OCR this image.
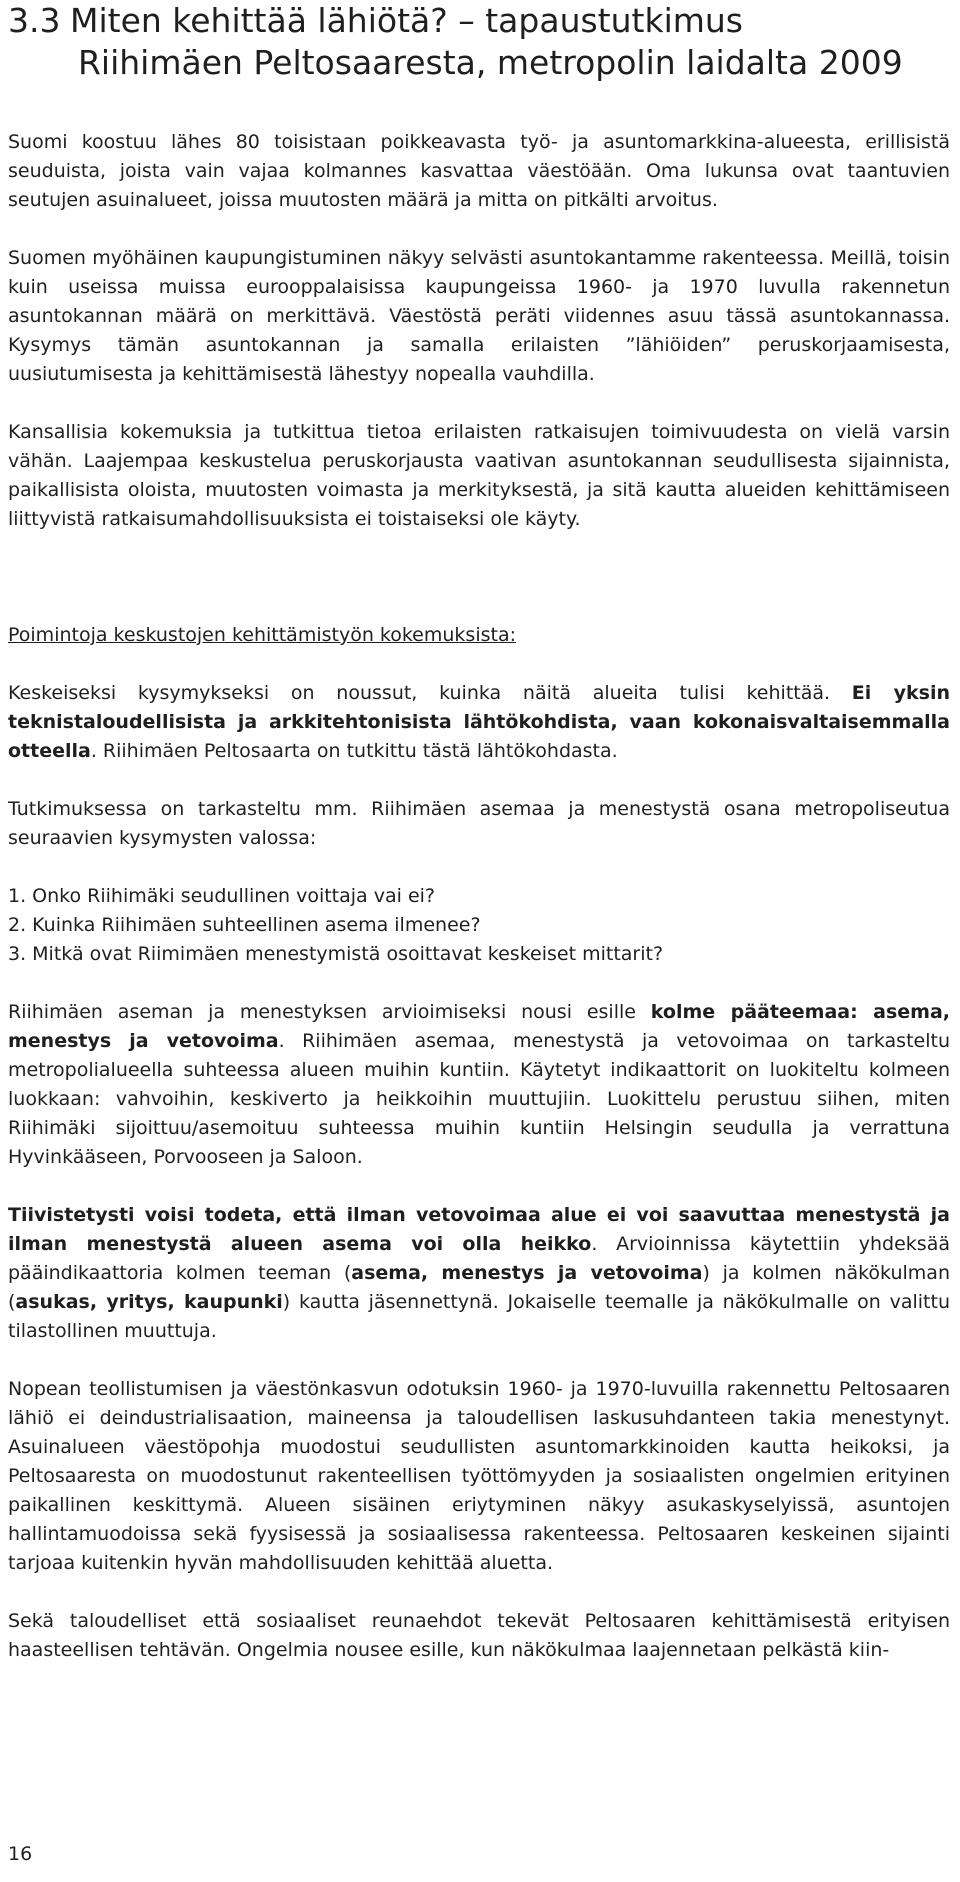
3.3 Miten kehittää lähiötä? – tapaustutkimus
Riihimäen Peltosaaresta, metropolin laidalta 2009

Suomi koostuu lähes 80 toisistaan poikkeavasta työ- ja asuntomarkkina-alueesta, erillisistä seuduista, joista vain vajaa kolmannes kasvattaa väestöään. Oma lukunsa ovat taantuvien seutujen asuinalueet, joissa muutosten määrä ja mitta on pitkälti arvoitus.

Suomen myöhäinen kaupungistuminen näkyy selvästi asuntokantamme rakenteessa. Meillä, toisin kuin useissa muissa eurooppalaisissa kaupungeissa 1960- ja 1970 luvulla rakennetun asuntokannan määrä on merkittävä. Väestöstä peräti viidennes asuu tässä asuntokannassa. Kysymys tämän asuntokannan ja samalla erilaisten ”lähiöiden” peruskorjaamisesta, uusiutumisesta ja kehittämisestä lähestyy nopealla vauhdilla.

Kansallisia kokemuksia ja tutkittua tietoa erilaisten ratkaisujen toimivuudesta on vielä varsin vähän. Laajempaa keskustelua peruskorjausta vaativan asuntokannan seudullisesta sijainnista, paikallisista oloista, muutosten voimasta ja merkityksestä, ja sitä kautta alueiden kehittämiseen liittyvistä ratkaisumahdollisuuksista ei toistaiseksi ole käyty.

Poimintoja keskustojen kehittämistyön kokemuksista:

Keskeiseksi kysymykseksi on noussut, kuinka näitä alueita tulisi kehittää. Ei yksin teknistaloudellisista ja arkkitehtonisista lähtökohdista, vaan kokonaisvaltaisemmalla otteella. Riihimäen Peltosaarta on tutkittu tästä lähtökohdasta.

Tutkimuksessa on tarkasteltu mm. Riihimäen asemaa ja menestystä osana metropoliseutua seuraavien kysymysten valossa:

1. Onko Riihimäki seudullinen voittaja vai ei?
2. Kuinka Riihimäen suhteellinen asema ilmenee?
3. Mitkä ovat Riimimäen menestymistä osoittavat keskeiset mittarit?

Riihimäen aseman ja menestyksen arvioimiseksi nousi esille kolme pääteemaa: asema, menestys ja vetovoima. Riihimäen asemaa, menestystä ja vetovoimaa on tarkasteltu metropolialueella suhteessa alueen muihin kuntiin. Käytetyt indikaattorit on luokiteltu kolmeen luokkaan: vahvoihin, keskiverto ja heikkoihin muuttujiin. Luokittelu perustuu siihen, miten Riihimäki sijoittuu/asemoituu suhteessa muihin kuntiin Helsingin seudulla ja verrattuna Hyvinkääseen, Porvooseen ja Saloon.

Tiivistetysti voisi todeta, että ilman vetovoimaa alue ei voi saavuttaa menestystä ja ilman menestystä alueen asema voi olla heikko. Arvioinnissa käytettiin yhdeksää pääindikaattoria kolmen teeman (asema, menestys ja vetovoima) ja kolmen näkökulman (asukas, yritys, kaupunki) kautta jäsennettynä. Jokaiselle teemalle ja näkökulmalle on valittu tilastollinen muuttuja.

Nopean teollistumisen ja väestönkasvun odotuksin 1960- ja 1970-luvuilla rakennettu Peltosaaren lähiö ei deindustrialisaation, maineensa ja taloudellisen laskusuhdanteen takia menestynyt. Asuinalueen väestöpohja muodostui seudullisten asuntomarkkinoiden kautta heikoksi, ja Peltosaaresta on muodostunut rakenteellisen työttömyyden ja sosiaalisten ongelmien erityinen paikallinen keskittymä. Alueen sisäinen eriytyminen näkyy asukaskyselyissä, asuntojen hallintamuodoissa sekä fyysisessä ja sosiaalisessa rakenteessa. Peltosaaren keskeinen sijainti tarjoaa kuitenkin hyvän mahdollisuuden kehittää aluetta.

Sekä taloudelliset että sosiaaliset reunaehdot tekevät Peltosaaren kehittämisestä erityisen haasteellisen tehtävän. Ongelmia nousee esille, kun näkökulmaa laajennetaan pelkästä kiin-

16
